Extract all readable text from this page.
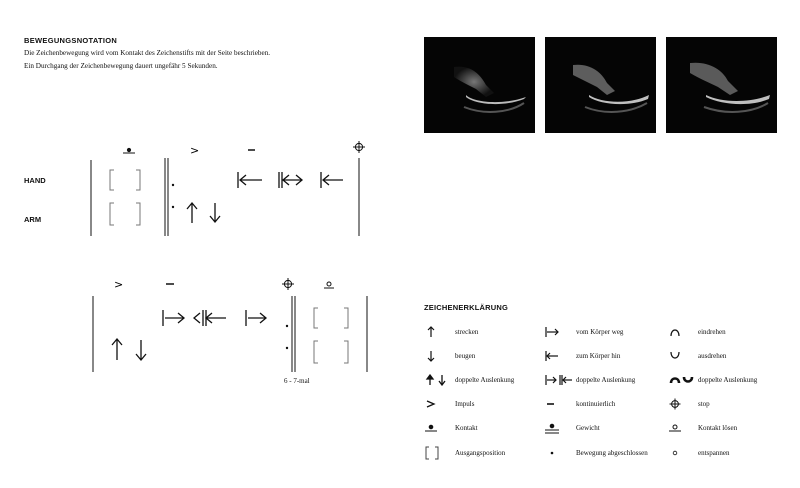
BEWEGUNGSNOTATION
Die Zeichenbewegung wird vom Kontakt des Zeichenstifts mit der Seite beschrieben.
Ein Durchgang der Zeichenbewegung dauert ungefähr 5 Sekunden.
HAND
ARM
>
>
6 - 7-mal
ZEICHENERKLÄRUNG
strecken	vom Körper weg	eindrehen
beugen	zum Körper hin	ausdrehen
doppelte Auslenkung	doppelte Auslenkung	doppelte Auslenkung
Impuls	kontinuierlich	stop
Kontakt	Gewicht	Kontakt lösen
Ausgangsposition	Bewegung abgeschlossen	entspannen
